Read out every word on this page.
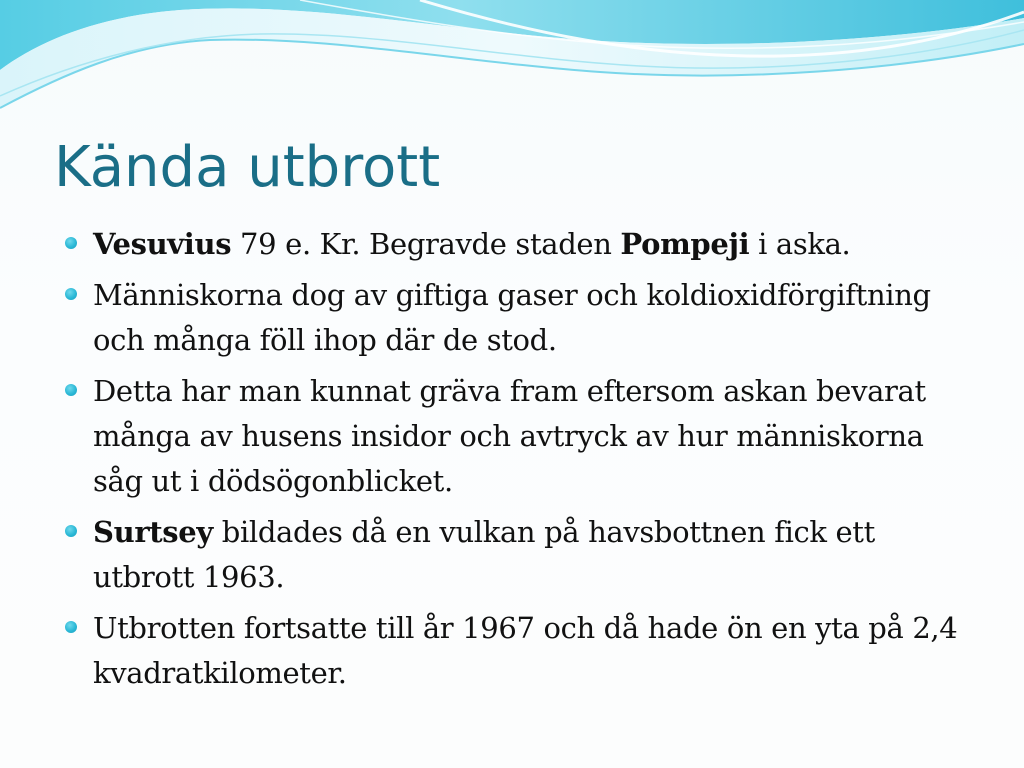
Kända utbrott
Vesuvius 79 e. Kr. Begravde staden Pompeji i aska.
Människorna dog av giftiga gaser och koldioxidförgiftning och många föll ihop där de stod.
Detta har man kunnat gräva fram eftersom askan bevarat många av husens insidor och avtryck av hur människorna såg ut i dödsögonblicket.
Surtsey bildades då en vulkan på havsbottnen fick ett utbrott 1963.
Utbrotten fortsatte till år 1967 och då hade ön en yta på 2,4 kvadratkilometer.
